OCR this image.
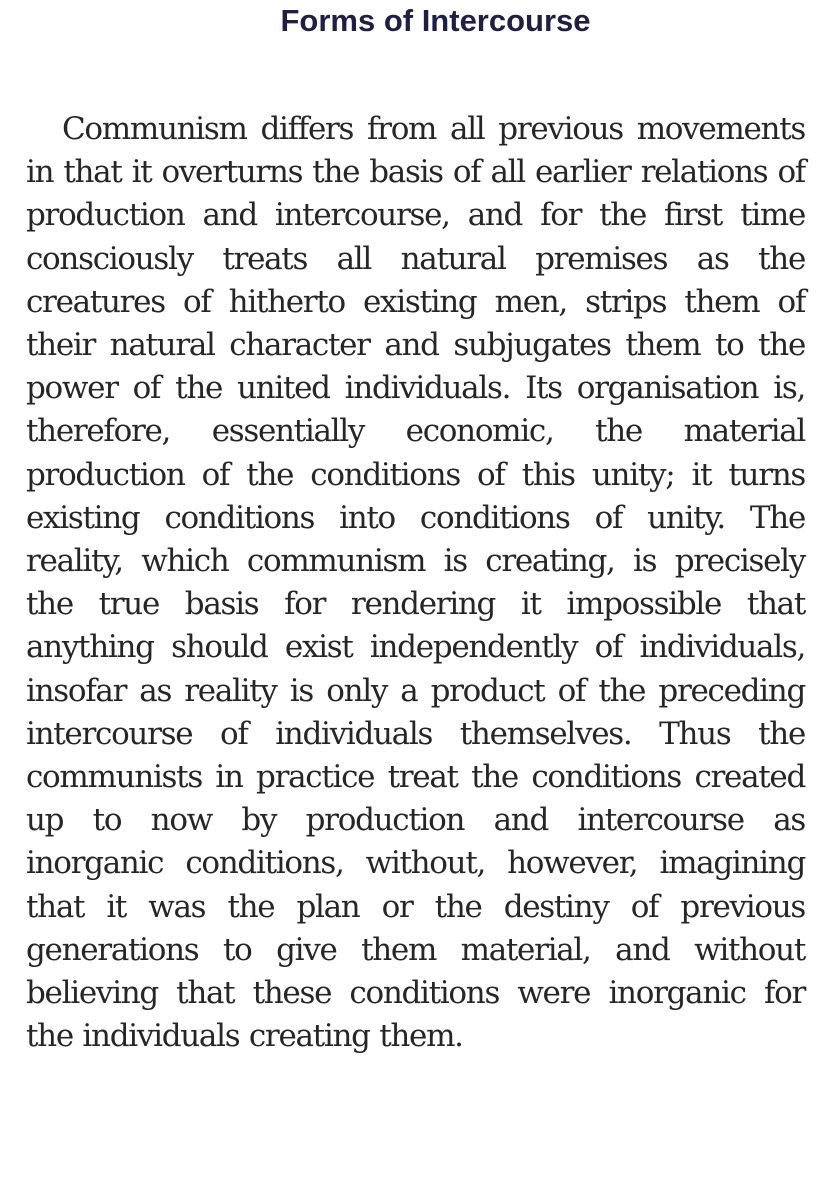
Forms of Intercourse

Communism differs from all previous movements in that it overturns the basis of all earlier relations of production and intercourse, and for the first time consciously treats all natural premises as the creatures of hitherto existing men, strips them of their natural character and subjugates them to the power of the united individuals. Its organisation is, therefore, essentially economic, the material production of the conditions of this unity; it turns existing conditions into conditions of unity. The reality, which communism is creating, is precisely the true basis for rendering it impossible that anything should exist independently of individuals, insofar as reality is only a product of the preceding intercourse of individuals themselves. Thus the communists in practice treat the conditions created up to now by production and intercourse as inorganic conditions, without, however, imagining that it was the plan or the destiny of previous generations to give them material, and without believing that these conditions were inorganic for the individuals creating them.
